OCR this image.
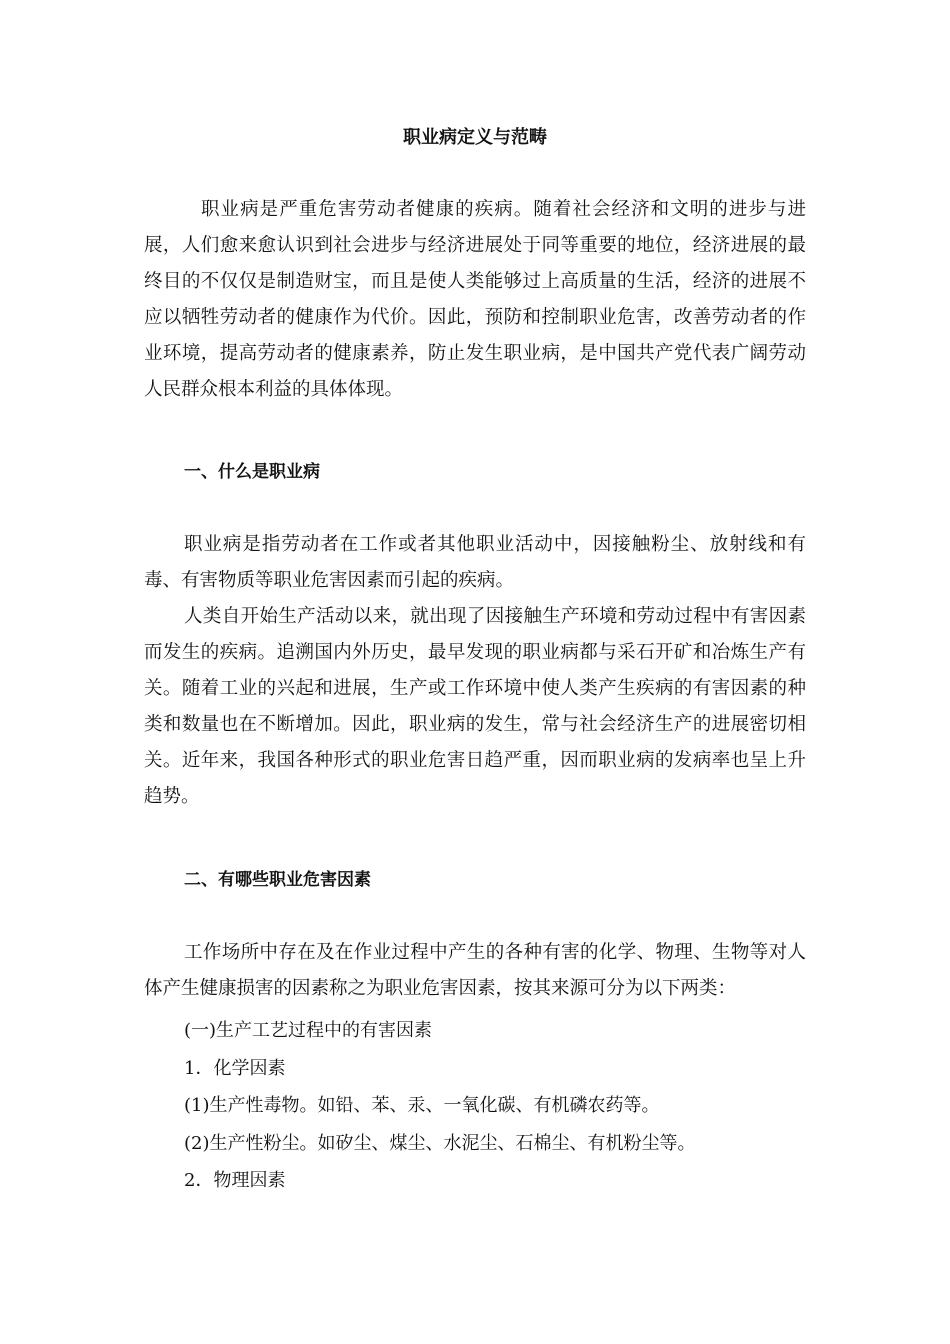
职业病定义与范畴

职业病是严重危害劳动者健康的疾病。随着社会经济和文明的进步与进展，人们愈来愈认识到社会进步与经济进展处于同等重要的地位，经济进展的最终目的不仅仅是制造财宝，而且是使人类能够过上高质量的生活，经济的进展不应以牺牲劳动者的健康作为代价。因此，预防和控制职业危害，改善劳动者的作业环境，提高劳动者的健康素养，防止发生职业病，是中国共产党代表广阔劳动人民群众根本利益的具体体现。

一、什么是职业病

职业病是指劳动者在工作或者其他职业活动中，因接触粉尘、放射线和有毒、有害物质等职业危害因素而引起的疾病。

人类自开始生产活动以来，就出现了因接触生产环境和劳动过程中有害因素而发生的疾病。追溯国内外历史，最早发现的职业病都与采石开矿和冶炼生产有关。随着工业的兴起和进展，生产或工作环境中使人类产生疾病的有害因素的种类和数量也在不断增加。因此，职业病的发生，常与社会经济生产的进展密切相关。近年来，我国各种形式的职业危害日趋严重，因而职业病的发病率也呈上升趋势。

二、有哪些职业危害因素

工作场所中存在及在作业过程中产生的各种有害的化学、物理、生物等对人体产生健康损害的因素称之为职业危害因素，按其来源可分为以下两类：

(一)生产工艺过程中的有害因素

1．化学因素

(1)生产性毒物。如铅、苯、汞、一氧化碳、有机磷农药等。

(2)生产性粉尘。如矽尘、煤尘、水泥尘、石棉尘、有机粉尘等。

2．物理因素
